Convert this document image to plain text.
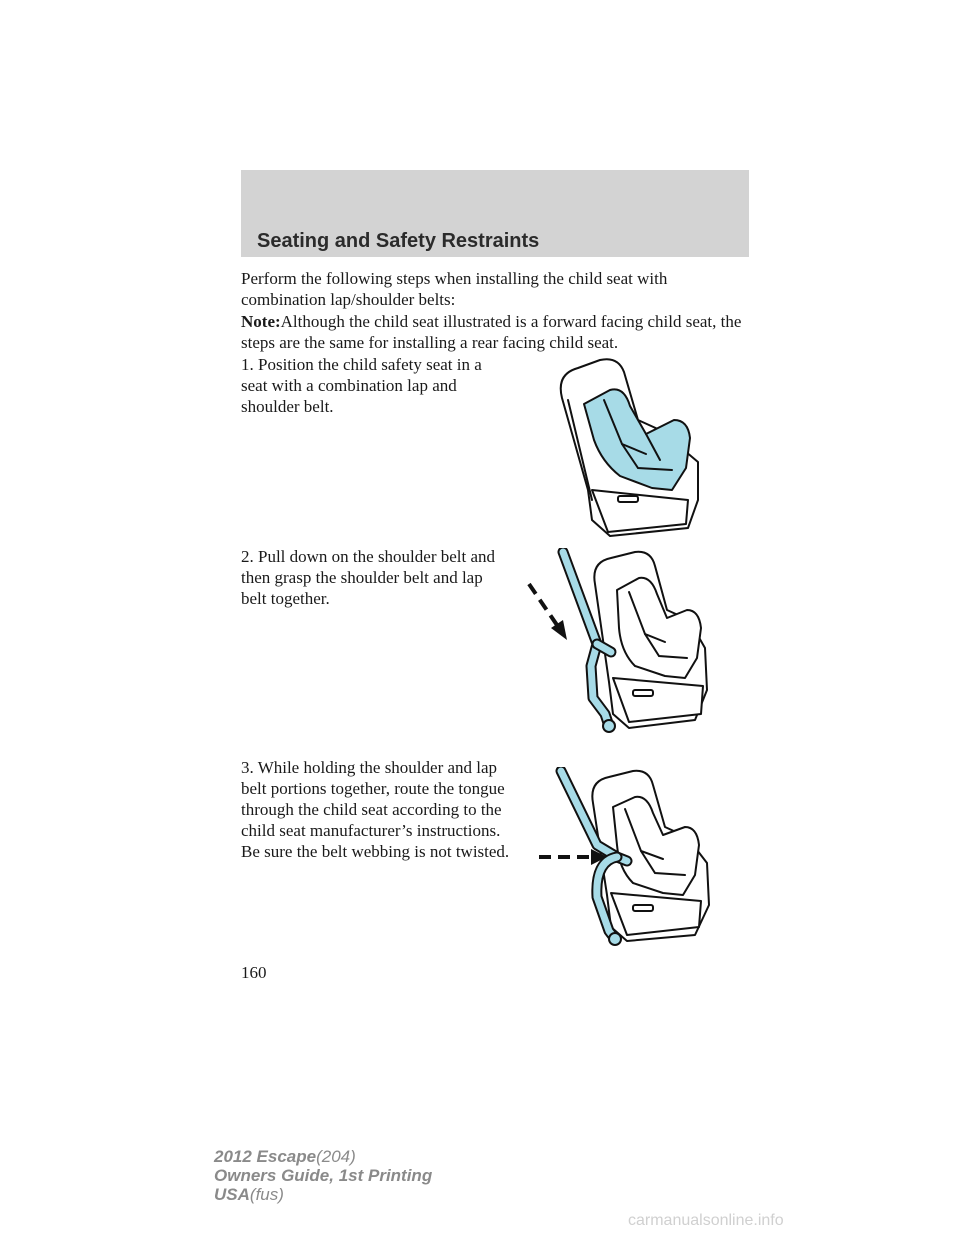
Seating and Safety Restraints

Perform the following steps when installing the child seat with combination lap/shoulder belts:

Note:Although the child seat illustrated is a forward facing child seat, the steps are the same for installing a rear facing child seat.

1. Position the child safety seat in a seat with a combination lap and shoulder belt.

2. Pull down on the shoulder belt and then grasp the shoulder belt and lap belt together.

3. While holding the shoulder and lap belt portions together, route the tongue through the child seat according to the child seat manufacturer’s instructions. Be sure the belt webbing is not twisted.

160

2012 Escape(204)
Owners Guide, 1st Printing
USA(fus)

carmanualsonline.info
